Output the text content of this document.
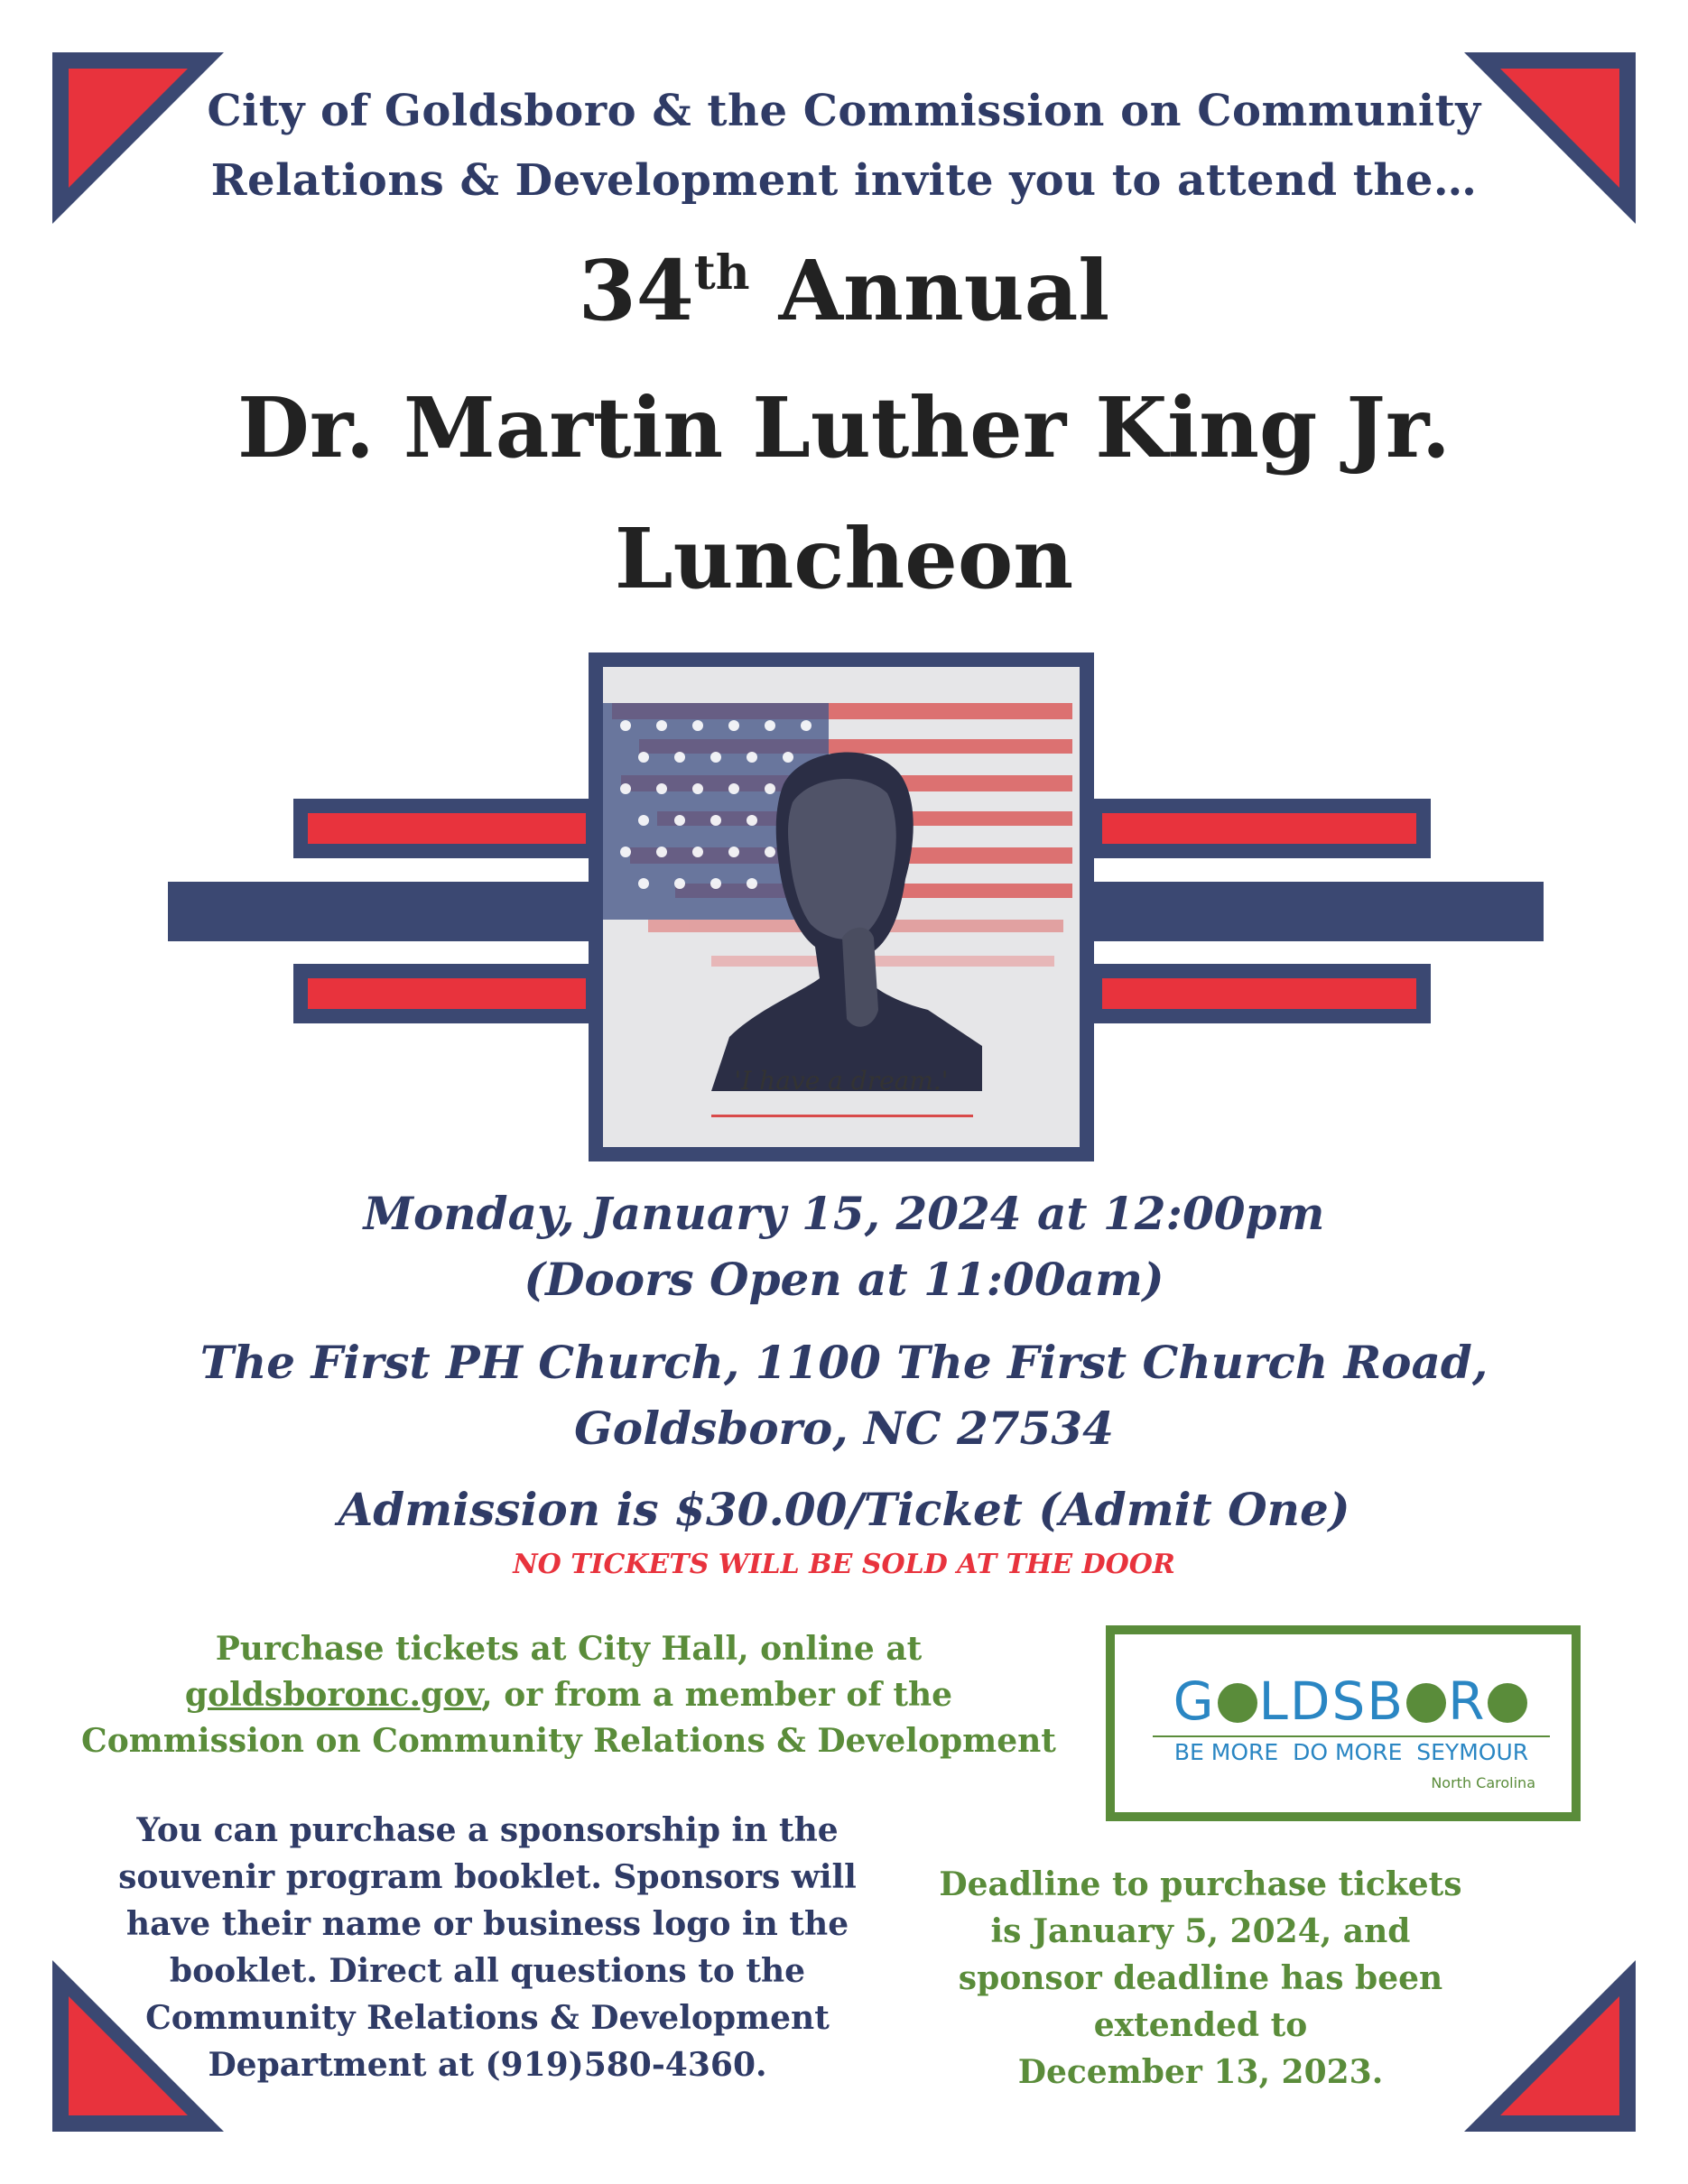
City of Goldsboro & the Commission on Community
Relations & Development invite you to attend the…
34th Annual
Dr. Martin Luther King Jr.
Luncheon
'I have a dream.'
Monday, January 15, 2024 at 12:00pm
(Doors Open at 11:00am)
The First PH Church, 1100 The First Church Road,
Goldsboro, NC 27534
Admission is $30.00/Ticket (Admit One)
NO TICKETS WILL BE SOLD AT THE DOOR
Purchase tickets at City Hall, online at
goldsboronc.gov, or from a member of the
Commission on Community Relations & Development
G LDSB R
BE MORE  DO MORE  SEYMOUR
North Carolina
You can purchase a sponsorship in the
souvenir program booklet. Sponsors will
have their name or business logo in the
booklet. Direct all questions to the
Community Relations & Development
Department at (919)580-4360.
Deadline to purchase tickets
is January 5, 2024, and
sponsor deadline has been
extended to
December 13, 2023.
